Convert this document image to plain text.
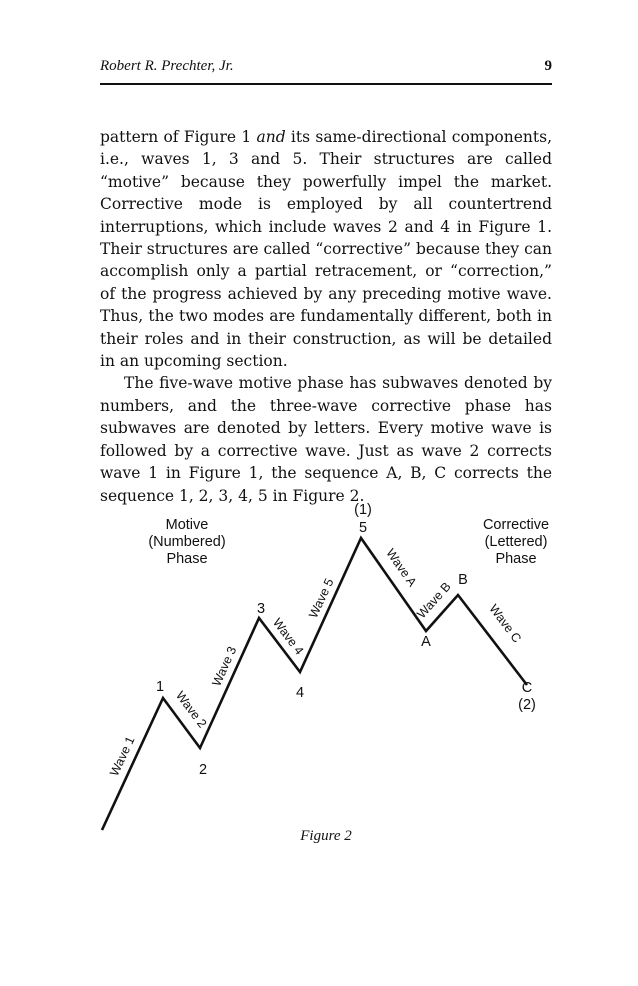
Robert R. Prechter, Jr.	9

pattern of Figure 1 and its same-directional components, i.e., waves 1, 3 and 5. Their structures are called “motive” because they powerfully impel the market. Corrective mode is employed by all countertrend interruptions, which include waves 2 and 4 in Figure 1. Their structures are called “corrective” because they can accomplish only a partial retracement, or “correction,” of the progress achieved by any preceding motive wave. Thus, the two modes are fundamentally different, both in their roles and in their construction, as will be detailed in an upcoming section.

The five-wave motive phase has subwaves denoted by numbers, and the three-wave corrective phase has subwaves are denoted by letters. Every motive wave is followed by a corrective wave. Just as wave 2 corrects wave 1 in Figure 1, the sequence A, B, C corrects the sequence 1, 2, 3, 4, 5 in Figure 2.

Motive
(Numbered)
Phase
Corrective
(Lettered)
Phase
1
2
3
4
(1)
5
A
B
C
(2)
Wave 1
Wave 2
Wave 3
Wave 4
Wave 5
Wave A
Wave B
Wave C
Figure 2
